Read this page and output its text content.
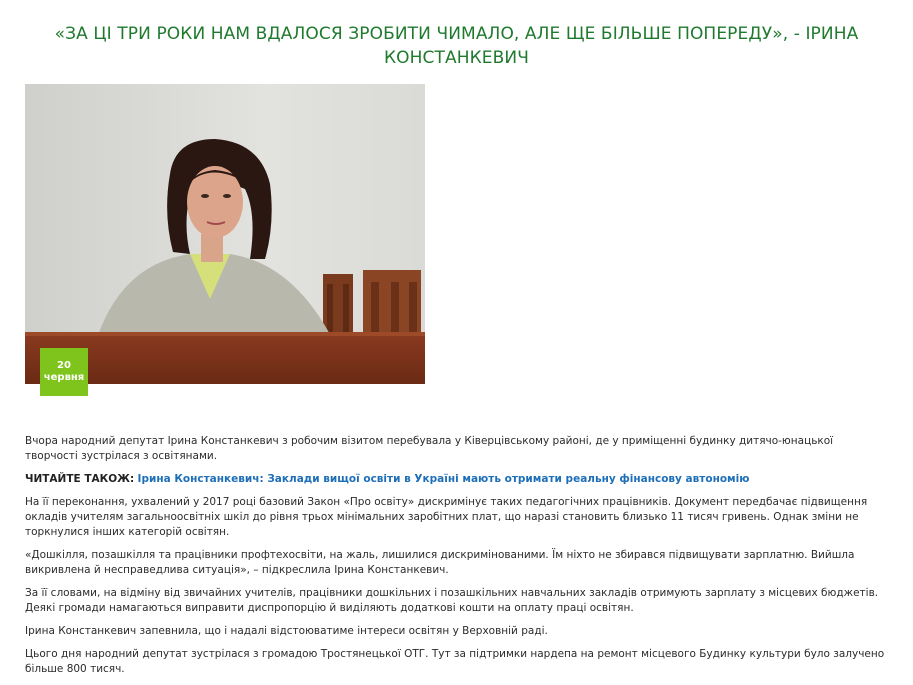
«ЗА ЦІ ТРИ РОКИ НАМ ВДАЛОСЯ ЗРОБИТИ ЧИМАЛО, АЛЕ ЩЕ БІЛЬШЕ ПОПЕРЕДУ», - ІРИНА КОНСТАНКЕВИЧ
20
червня

Вчора народний депутат Ірина Констанкевич з робочим візитом перебувала у Ківерцівському районі, де у приміщенні будинку дитячо-юнацької творчості зустрілася з освітянами.

ЧИТАЙТЕ ТАКОЖ: Ірина Констанкевич: Заклади вищої освіти в Україні мають отримати реальну фінансову автономію

На її переконання, ухвалений у 2017 році базовий Закон «Про освіту» дискримінує таких педагогічних працівників. Документ передбачає підвищення окладів учителям загальноосвітніх шкіл до рівня трьох мінімальних заробітних плат, що наразі становить близько 11 тисяч гривень. Однак зміни не торкнулися інших категорій освітян.

«Дошкілля, позашкілля та працівники профтехосвіти, на жаль, лишилися дискримінованими. Їм ніхто не збирався підвищувати зарплатню. Вийшла викривлена й несправедлива ситуація», – підкреслила Ірина Констанкевич.

За її словами, на відміну від звичайних учителів, працівники дошкільних і позашкільних навчальних закладів отримують зарплату з місцевих бюджетів. Деякі громади намагаються виправити диспропорцію й виділяють додаткові кошти на оплату праці освітян.

Ірина Констанкевич запевнила, що і надалі відстоюватиме інтереси освітян у Верховній раді.

Цього дня народний депутат зустрілася з громадою Тростянецької ОТГ. Тут за підтримки нардепа на ремонт місцевого Будинку культури було залучено більше 800 тисяч.
